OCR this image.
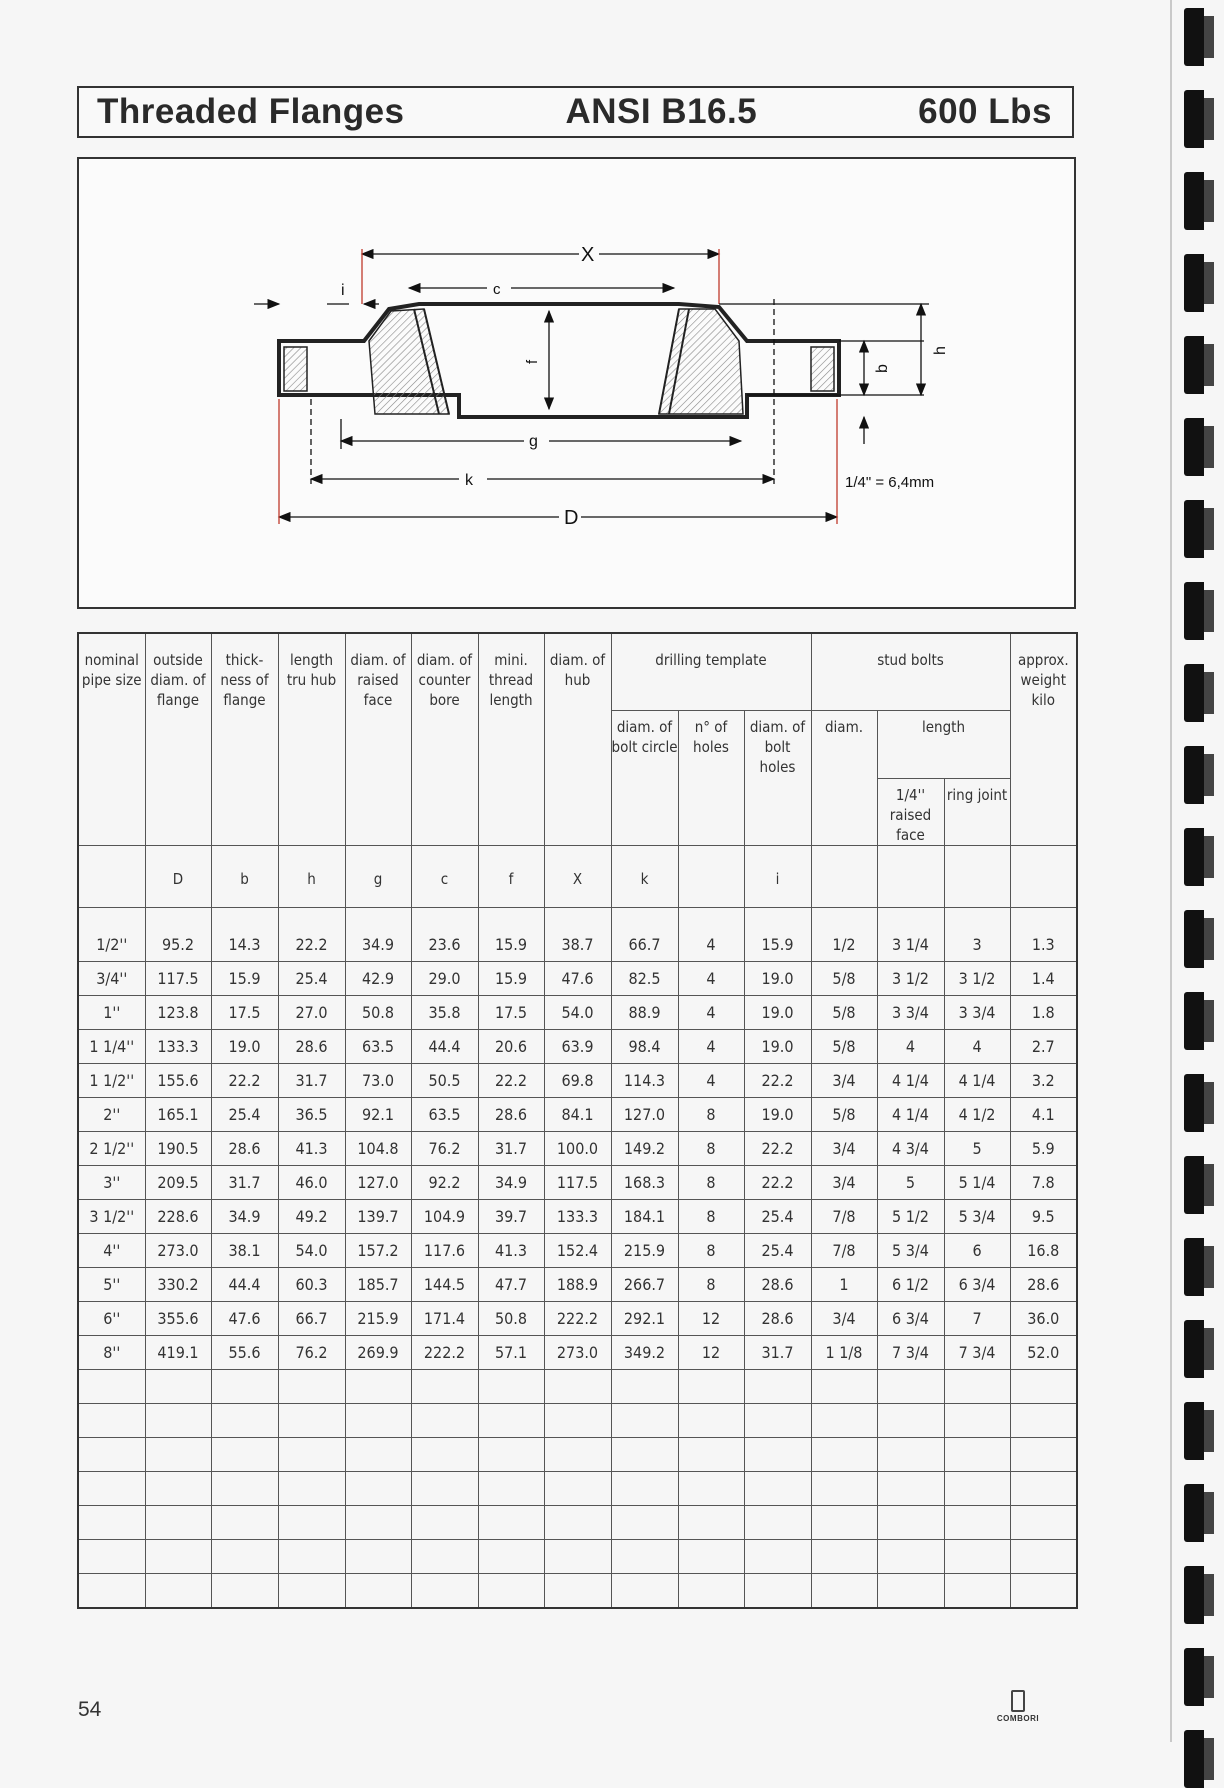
Threaded Flanges	ANSI B16.5	600 Lbs
X
c
i
f
g
k
D
b
h
1/4" = 6,4mm
nominal pipe size	outside diam. of flange	thick- ness of flange	length tru hub	diam. of raised face	diam. of counter bore	mini. thread length	diam. of hub	drilling template			stud bolts			approx. weight kilo
								diam. of bolt circle	n° of holes	diam. of bolt holes	diam.	length		
												1/4'' raised face	ring joint	
	D	b	h	g	c	f	X	k		i				
1/2''	95.2	14.3	22.2	34.9	23.6	15.9	38.7	66.7	4	15.9	1/2	3 1/4	3	1.3
3/4''	117.5	15.9	25.4	42.9	29.0	15.9	47.6	82.5	4	19.0	5/8	3 1/2	3 1/2	1.4
1''	123.8	17.5	27.0	50.8	35.8	17.5	54.0	88.9	4	19.0	5/8	3 3/4	3 3/4	1.8
1 1/4''	133.3	19.0	28.6	63.5	44.4	20.6	63.9	98.4	4	19.0	5/8	4	4	2.7
1 1/2''	155.6	22.2	31.7	73.0	50.5	22.2	69.8	114.3	4	22.2	3/4	4 1/4	4 1/4	3.2
2''	165.1	25.4	36.5	92.1	63.5	28.6	84.1	127.0	8	19.0	5/8	4 1/4	4 1/2	4.1
2 1/2''	190.5	28.6	41.3	104.8	76.2	31.7	100.0	149.2	8	22.2	3/4	4 3/4	5	5.9
3''	209.5	31.7	46.0	127.0	92.2	34.9	117.5	168.3	8	22.2	3/4	5	5 1/4	7.8
3 1/2''	228.6	34.9	49.2	139.7	104.9	39.7	133.3	184.1	8	25.4	7/8	5 1/2	5 3/4	9.5
4''	273.0	38.1	54.0	157.2	117.6	41.3	152.4	215.9	8	25.4	7/8	5 3/4	6	16.8
5''	330.2	44.4	60.3	185.7	144.5	47.7	188.9	266.7	8	28.6	1	6 1/2	6 3/4	28.6
6''	355.6	47.6	66.7	215.9	171.4	50.8	222.2	292.1	12	28.6	3/4	6 3/4	7	36.0
8''	419.1	55.6	76.2	269.9	222.2	57.1	273.0	349.2	12	31.7	1 1/8	7 3/4	7 3/4	52.0

54	COMBORI
